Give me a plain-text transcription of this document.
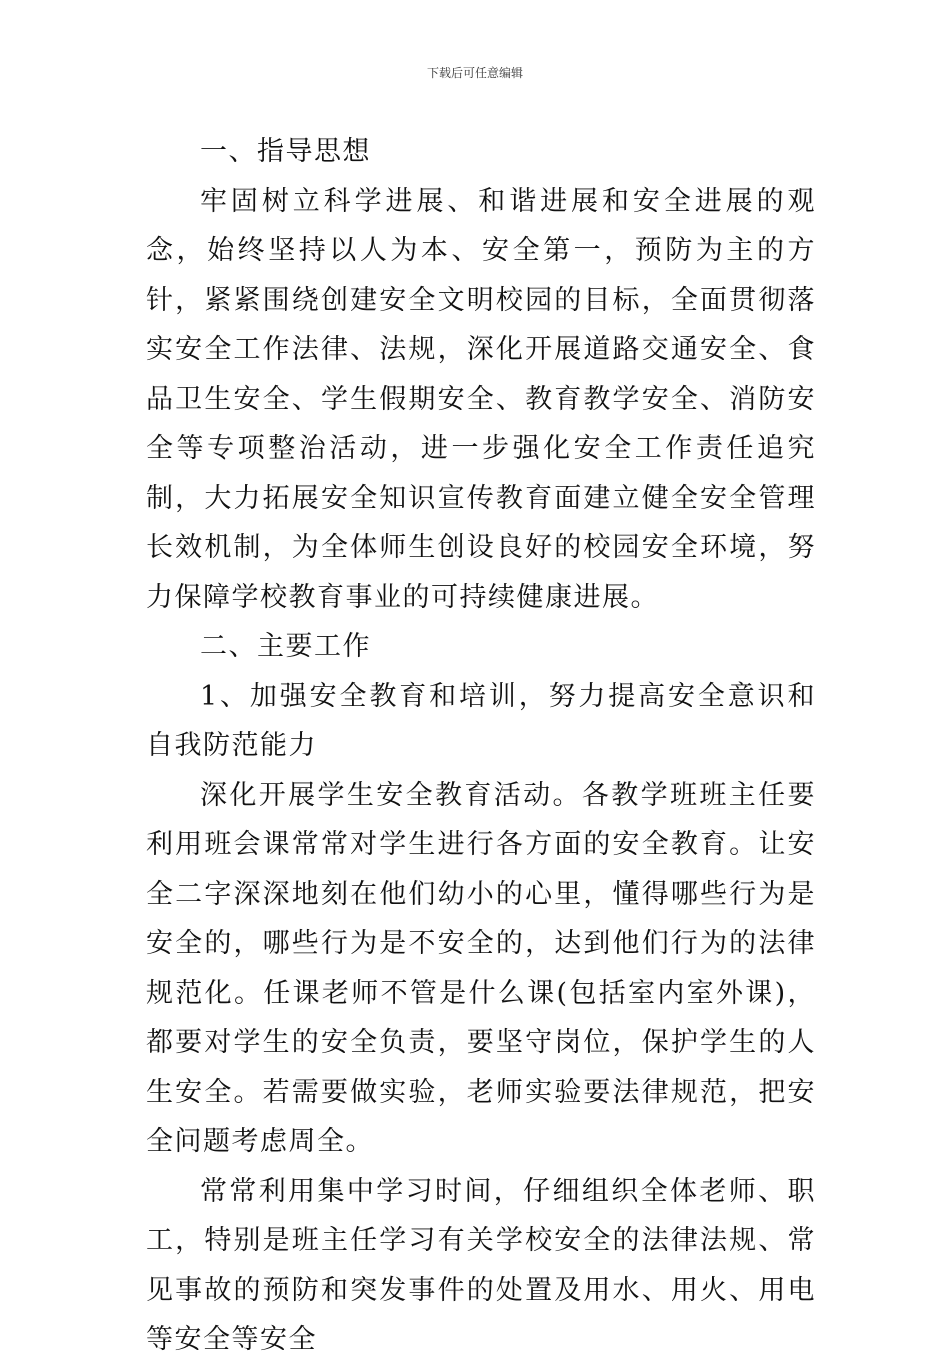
下载后可任意编辑

一、指导思想

牢固树立科学进展、和谐进展和安全进展的观念，始终坚持以人为本、安全第一，预防为主的方针，紧紧围绕创建安全文明校园的目标，全面贯彻落实安全工作法律、法规，深化开展道路交通安全、食品卫生安全、学生假期安全、教育教学安全、消防安全等专项整治活动，进一步强化安全工作责任追究制，大力拓展安全知识宣传教育面建立健全安全管理长效机制，为全体师生创设良好的校园安全环境，努力保障学校教育事业的可持续健康进展。

二、主要工作

1、加强安全教育和培训，努力提高安全意识和自我防范能力

深化开展学生安全教育活动。各教学班班主任要利用班会课常常对学生进行各方面的安全教育。让安全二字深深地刻在他们幼小的心里，懂得哪些行为是安全的，哪些行为是不安全的，达到他们行为的法律规范化。任课老师不管是什么课(包括室内室外课)，都要对学生的安全负责，要坚守岗位，保护学生的人生安全。若需要做实验，老师实验要法律规范，把安全问题考虑周全。

常常利用集中学习时间，仔细组织全体老师、职工，特别是班主任学习有关学校安全的法律法规、常见事故的预防和突发事件的处置及用水、用火、用电等安全等安全
